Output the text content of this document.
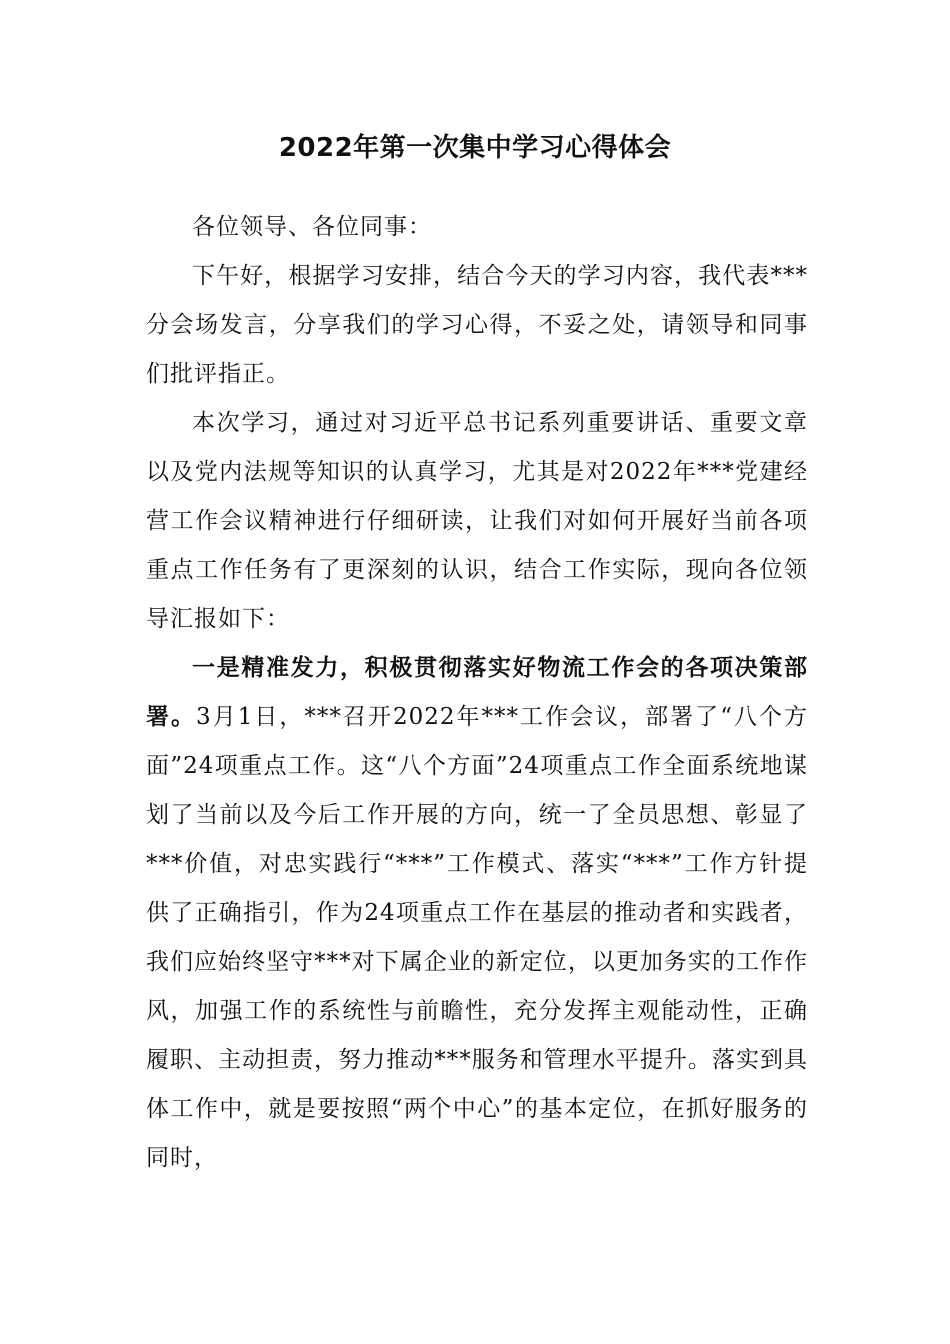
2022年第一次集中学习心得体会

各位领导、各位同事：

下午好，根据学习安排，结合今天的学习内容，我代表***分会场发言，分享我们的学习心得，不妥之处，请领导和同事们批评指正。

本次学习，通过对习近平总书记系列重要讲话、重要文章以及党内法规等知识的认真学习，尤其是对2022年***党建经营工作会议精神进行仔细研读，让我们对如何开展好当前各项重点工作任务有了更深刻的认识，结合工作实际，现向各位领导汇报如下：

一是精准发力，积极贯彻落实好物流工作会的各项决策部署。3月1日，***召开2022年***工作会议，部署了“八个方面”24项重点工作。这“八个方面”24项重点工作全面系统地谋划了当前以及今后工作开展的方向，统一了全员思想、彰显了***价值，对忠实践行“***”工作模式、落实“***”工作方针提供了正确指引，作为24项重点工作在基层的推动者和实践者，我们应始终坚守***对下属企业的新定位，以更加务实的工作作风，加强工作的系统性与前瞻性，充分发挥主观能动性，正确履职、主动担责，努力推动***服务和管理水平提升。落实到具体工作中，就是要按照“两个中心”的基本定位，在抓好服务的同时，
